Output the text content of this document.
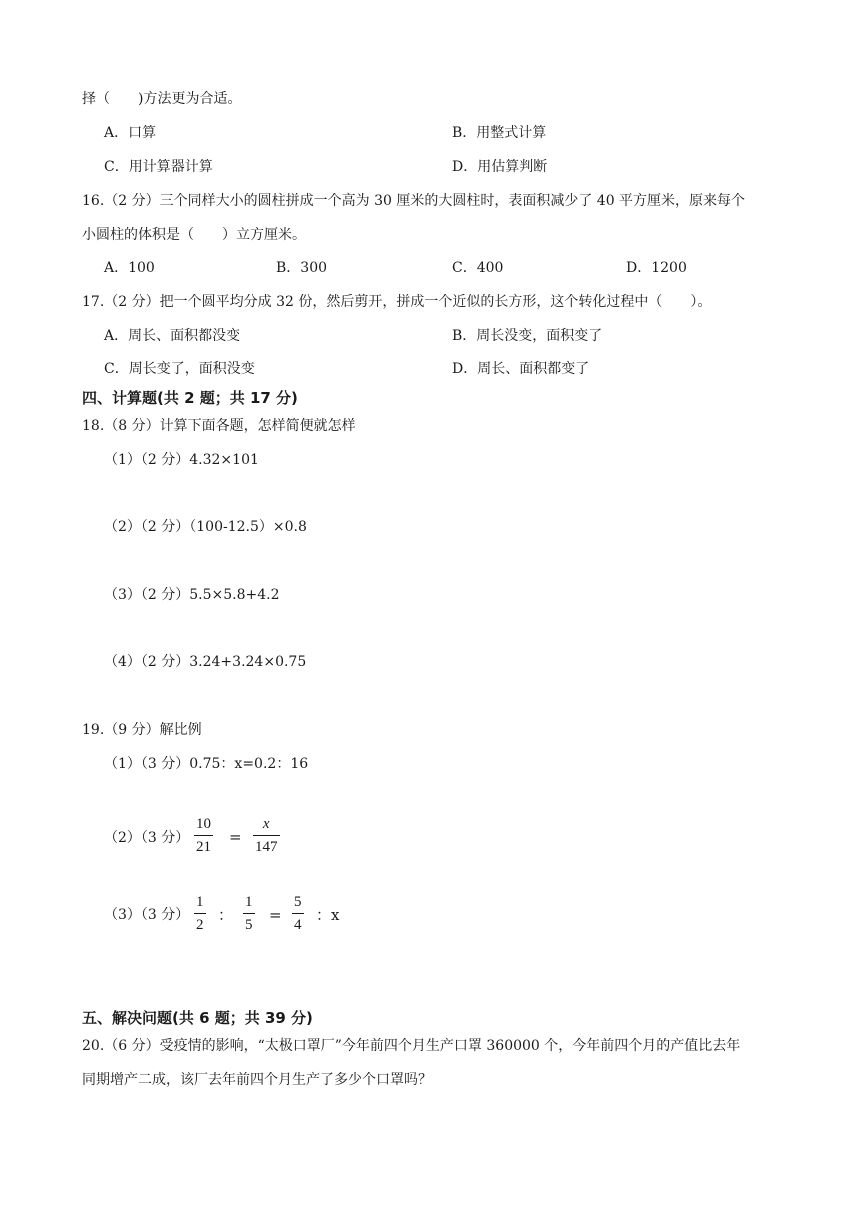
择（　　)方法更为合适。
A．口算	B．用整式计算
C．用计算器计算	D．用估算判断
16.（2 分）三个同样大小的圆柱拼成一个高为 30 厘米的大圆柱时，表面积减少了 40 平方厘米，原来每个
小圆柱的体积是（　　）立方厘米。
A．100	B．300	C．400	D．1200
17.（2 分）把一个圆平均分成 32 份，然后剪开，拼成一个近似的长方形，这个转化过程中（　　）。
A．周长、面积都没变	B．周长没变，面积变了
C．周长变了，面积没变	D．周长、面积都变了
四、计算题(共 2 题；共 17 分)
18.（8 分）计算下面各题，怎样简便就怎样
（1）（2 分）4.32×101
（2）（2 分）（100-12.5）×0.8
（3）（2 分）5.5×5.8+4.2
（4）（2 分）3.24+3.24×0.75
19.（9 分）解比例
（1）（3 分）0.75：x=0.2：16
（2）（3 分）
10
21
=
x
147
（3）（3 分）
1
2
：
1
5
=
5
4
：x
五、解决问题(共 6 题；共 39 分)
20.（6 分）受疫情的影响，“太极口罩厂”今年前四个月生产口罩 360000 个，今年前四个月的产值比去年
同期增产二成，该厂去年前四个月生产了多少个口罩吗？
